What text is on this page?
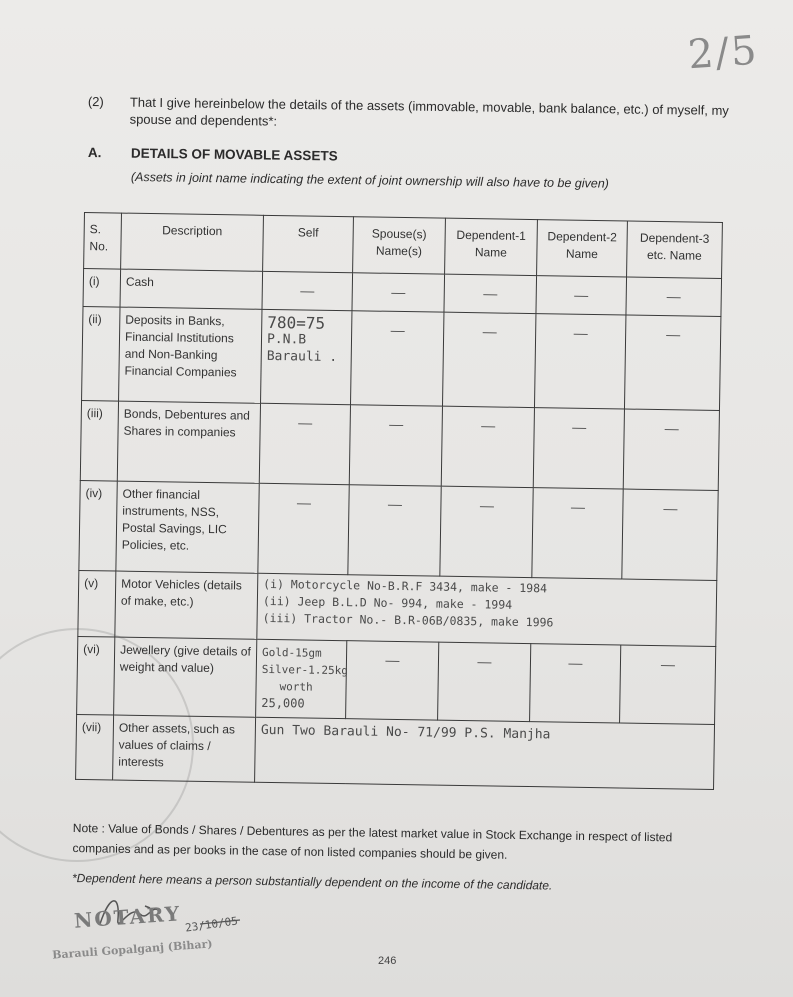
2/5
(2) That I give hereinbelow the details of the assets (immovable, movable, bank balance, etc.) of myself, my spouse and dependents*:
A. DETAILS OF MOVABLE ASSETS
(Assets in joint name indicating the extent of joint ownership will also have to be given)
S. No.	Description	Self	Spouse(s) Name(s)	Dependent-1 Name	Dependent-2 Name	Dependent-3 etc. Name
(i)	Cash	—	—	—	—	—

(ii)	Deposits in Banks, Financial Institutions and Non-Banking Financial Companies	780=75
P.N.B
Barauli .	—	—	—	—

(iii)	Bonds, Debentures and Shares in companies	—	—	—	—	—

(iv)	Other financial instruments, NSS, Postal Savings, LIC Policies, etc.	—	—	—	—	—

(v)	Motor Vehicles (details of make, etc.)	(i) Motorcycle No-B.R.F 3434, make - 1984
(ii) Jeep B.L.D No- 994, make - 1994
(iii) Tractor No.- B.R-06B/0835, make 1996				

(vi)	Jewellery (give details of weight and value)	Gold-15gm
Silver-1.25kg
worth
25,000	—	—	—	—

(vii)	Other assets, such as values of claims / interests	Gun Two Barauli No- 71/99 P.S. Manjha				

Note : Value of Bonds / Shares / Debentures as per the latest market value in Stock Exchange in respect of listed companies and as per books in the case of non listed companies should be given.

*Dependent here means a person substantially dependent on the income of the candidate.

NOTARY
Barauli Gopalganj (Bihar)
23/10/05
246
